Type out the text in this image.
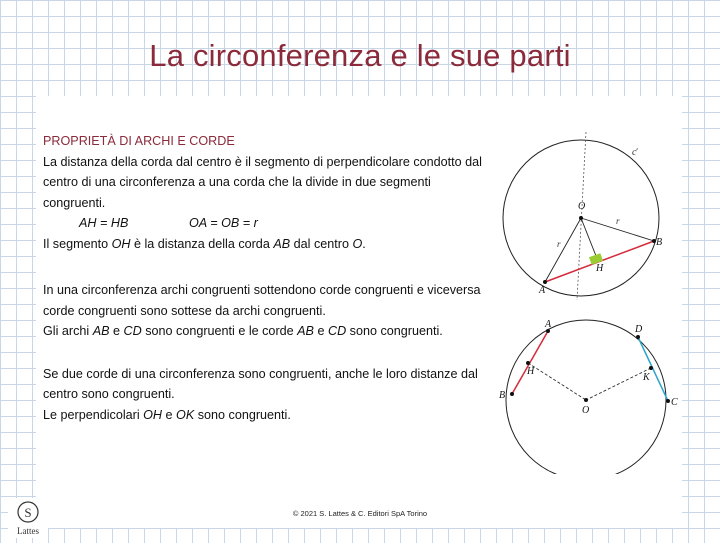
La circonferenza e le sue parti

PROPRIETÀ DI ARCHI E CORDE

La distanza della corda dal centro è il segmento di perpendicolare condotto dal centro di una circonferenza a una corda che la divide in due segmenti congruenti.

AH = HB	OA = OB = r

Il segmento OH è la distanza della corda AB dal centro O.

In una circonferenza archi congruenti sottendono corde congruenti e viceversa corde congruenti sono sottese da archi congruenti.

Gli archi AB e CD sono congruenti e le corde AB e CD sono congruenti.

Se due corde di una circonferenza sono congruenti, anche le loro distanze dal centro sono congruenti.

Le perpendicolari OH e OK sono congruenti.

ƈ
O
B
A
H
r
r
A
B
H
D
K
C
O
S
Lattes
© 2021 S. Lattes & C. Editori SpA Torino
